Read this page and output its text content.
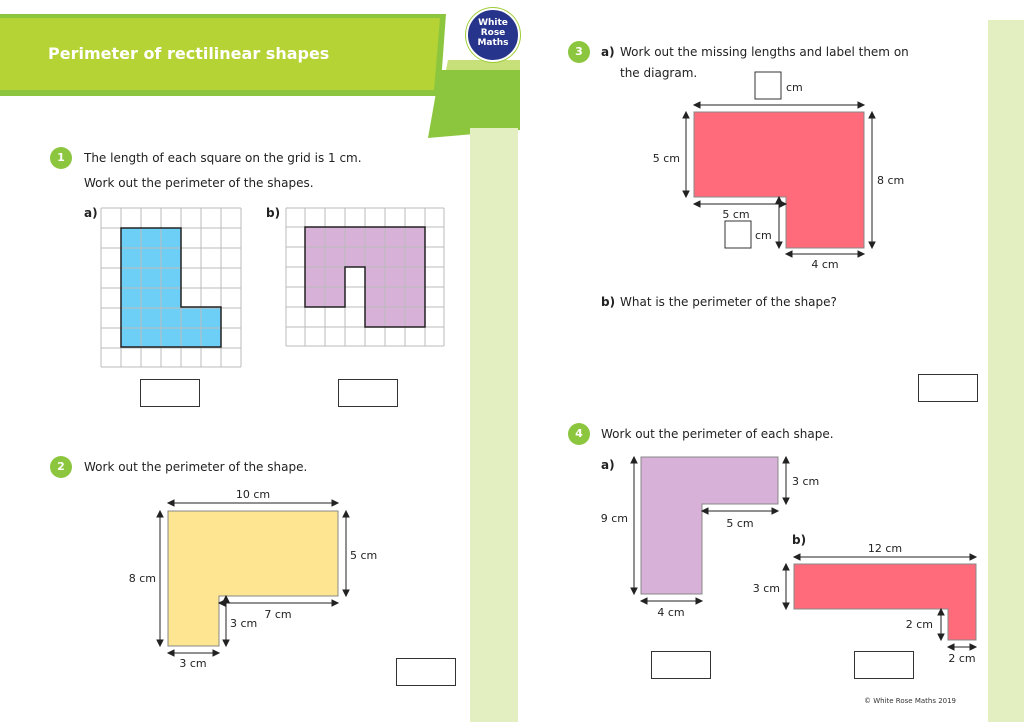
Perimeter of rectilinear shapes
White
Rose
Maths
1	The length of each square on the grid is 1 cm.
Work out the perimeter of the shapes.
a)	b)
2	Work out the perimeter of the shape.
10 cm
5 cm
8 cm
7 cm
3 cm
3 cm
3	a) Work out the missing lengths and label them on
the diagram.
cm
5 cm
8 cm
5 cm
cm
4 cm
b) What is the perimeter of the shape?
4	Work out the perimeter of each shape.
a)
9 cm
3 cm
5 cm
4 cm
b)
12 cm
3 cm
2 cm
2 cm
© White Rose Maths 2019
